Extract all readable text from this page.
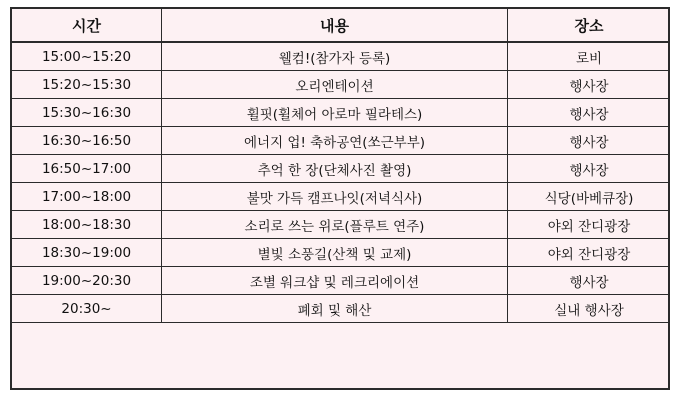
시간	내용	장소
15:00~15:20	웰컴!(참가자 등록)	로비
15:20~15:30	오리엔테이션	행사장
15:30~16:30	휠핏(휠체어 아로마 필라테스)	행사장
16:30~16:50	에너지 업! 축하공연(쏘근부부)	행사장
16:50~17:00	추억 한 장(단체사진 촬영)	행사장
17:00~18:00	불맛 가득 캠프나잇(저녁식사)	식당(바베큐장)
18:00~18:30	소리로 쓰는 위로(플루트 연주)	야외 잔디광장
18:30~19:00	별빛 소풍길(산책 및 교제)	야외 잔디광장
19:00~20:30	조별 워크샵 및 레크리에이션	행사장
20:30~	폐회 및 해산	실내 행사장
